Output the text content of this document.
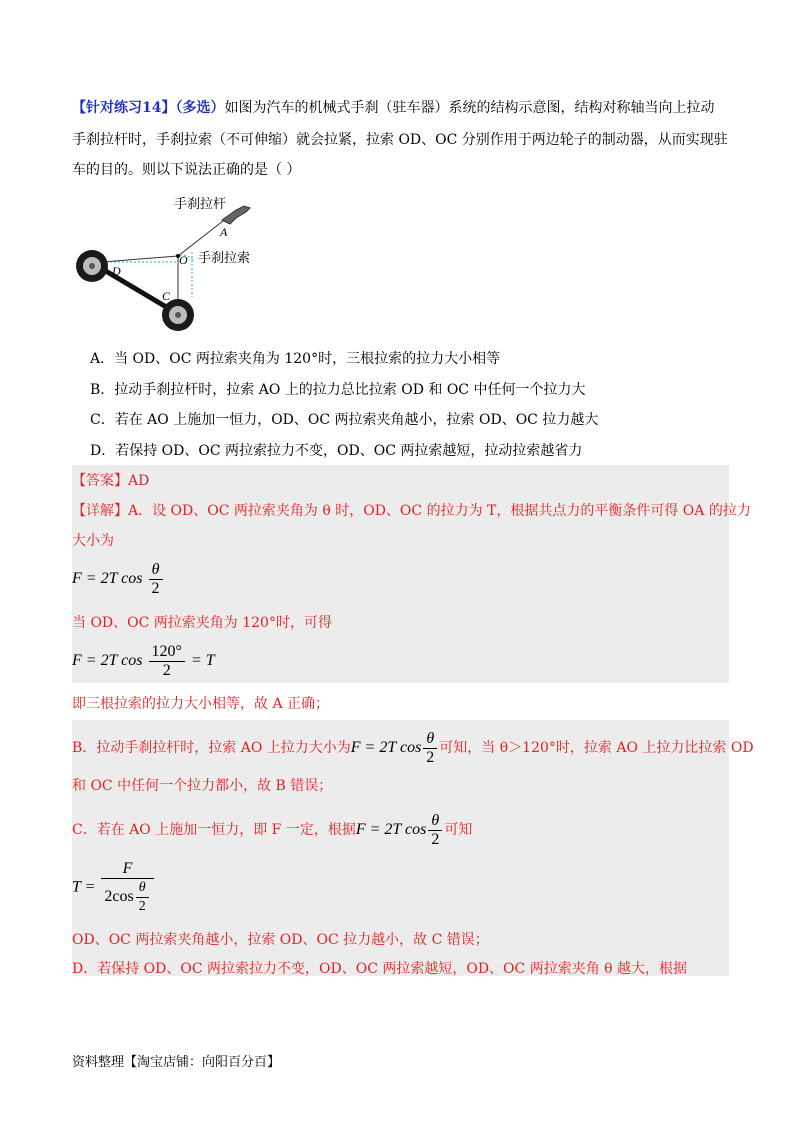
【针对练习14】（多选）如图为汽车的机械式手刹（驻车器）系统的结构示意图，结构对称轴当向上拉动
手刹拉杆时，手刹拉索（不可伸缩）就会拉紧，拉索 OD、OC 分别作用于两边轮子的制动器，从而实现驻
车的目的。则以下说法正确的是（ ）
手刹拉杆
A
O 手刹拉索
D
C
A．当 OD、OC 两拉索夹角为 120°时，三根拉索的拉力大小相等
B．拉动手刹拉杆时，拉索 AO 上的拉力总比拉索 OD 和 OC 中任何一个拉力大
C．若在 AO 上施加一恒力，OD、OC 两拉索夹角越小，拉索 OD、OC 拉力越大
D．若保持 OD、OC 两拉索拉力不变，OD、OC 两拉索越短，拉动拉索越省力
【答案】AD
【详解】A．设 OD、OC 两拉索夹角为 θ 时，OD、OC 的拉力为 T，根据共点力的平衡条件可得 OA 的拉力
大小为
F = 2T $\cos \frac{\theta}{2}$
当 OD、OC 两拉索夹角为 120°时，可得
F = 2T $\cos \frac{120^\circ}{2} = T$
即三根拉索的拉力大小相等，故 A 正确；
B．拉动手刹拉杆时，拉索 AO 上拉力大小为F = 2T $\cos \frac{\theta}{2}$ 可知，当 θ＞120°时，拉索 AO 上拉力比拉索 OD
和 OC 中任何一个拉力都小，故 B 错误；
C．若在 AO 上施加一恒力，即 F 一定，根据F = 2T $\cos \frac{\theta}{2}$ 可知
$T = \frac{F}{2\cos \frac{\theta}{2}}$
OD、OC 两拉索夹角越小，拉索 OD、OC 拉力越小，故 C 错误；
D．若保持 OD、OC 两拉索拉力不变，OD、OC 两拉索越短，OD、OC 两拉索夹角 θ 越大，根据
资料整理【淘宝店铺：向阳百分百】
